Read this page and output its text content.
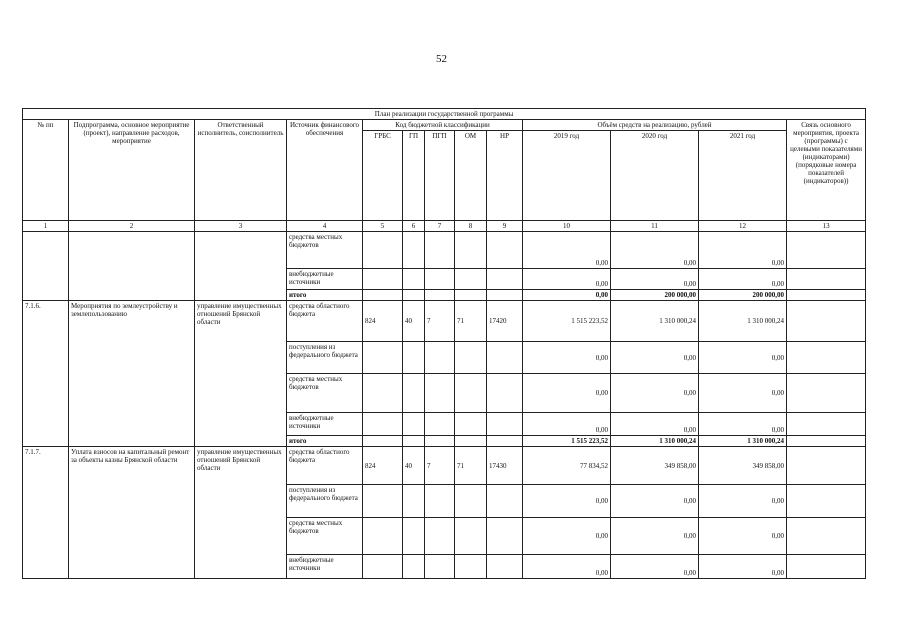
52
План реализации государственной программы												
№ пп	Подпрограмма, основное мероприятие (проект), направление расходов, мероприятие	Ответственный исполнитель, соисполнитель	Источник финансового обеспечения	Код бюджетной классификации					Объём средств на реализацию, рублей			Связь основного мероприятия, проекта (программы) с целевыми показателями (индикаторами) (порядковые номера показателей (индикаторов))
				ГРБС	ГП	ПГП	ОМ	НР	2019 год	2020 год	2021 год	
1	2	3	4	5	6	7	8	9	10	11	12	13
			средства местных бюджетов						0,00	0,00	0,00	
			внебюджетные источники						0,00	0,00	0,00	
			итого						0,00	200 000,00	200 000,00	
7.1.6.	Мероприятия по землеустройству и землепользованию	управление имущественных отношений Брянской области	средства областного бюджета	824	40	7	71	17420	1 515 223,52	1 310 000,24	1 310 000,24	
			поступления из федерального бюджета						0,00	0,00	0,00	
			средства местных бюджетов						0,00	0,00	0,00	
			внебюджетные источники						0,00	0,00	0,00	
			итого						1 515 223,52	1 310 000,24	1 310 000,24	
7.1.7.	Уплата взносов на капитальный ремонт за объекты казны Брянской области	управление имущественных отношений Брянской области	средства областного бюджета	824	40	7	71	17430	77 834,52	349 858,00	349 858,00	
			поступления из федерального бюджета						0,00	0,00	0,00	
			средства местных бюджетов						0,00	0,00	0,00	
			внебюджетные источники						0,00	0,00	0,00	
